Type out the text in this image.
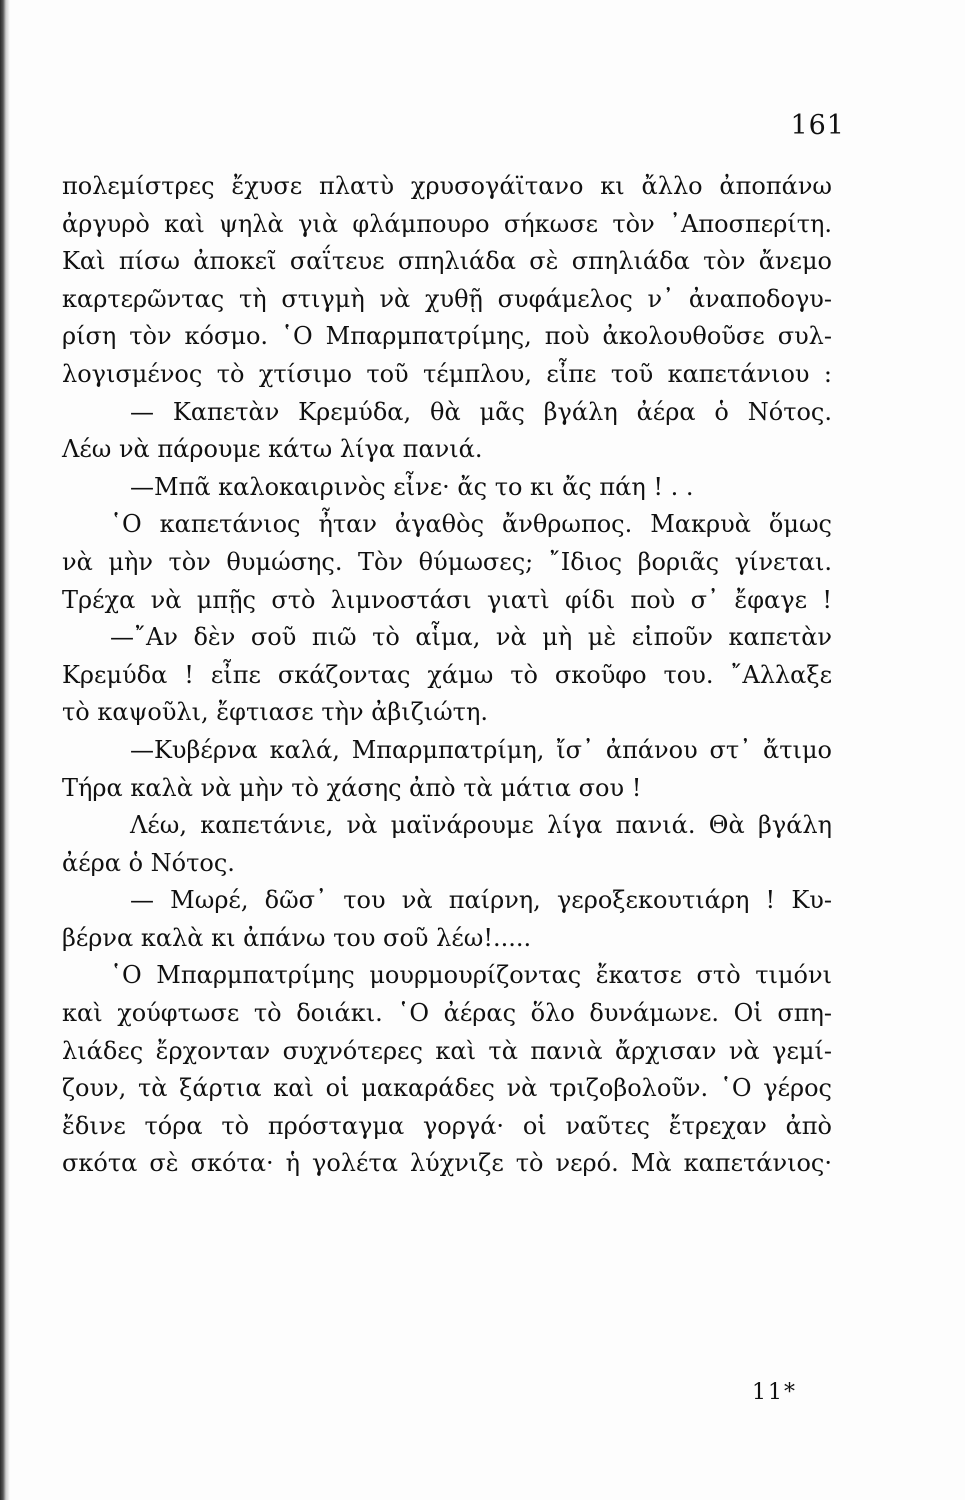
161
πολεμίστρες ἔχυσε πλατὺ χρυσογάϊτανο κι ἄλλο ἀποπάνω
ἀργυρὸ καὶ ψηλὰ γιὰ φλάμπουρο σήκωσε τὸν ᾿Αποσπερίτη.
Καὶ πίσω ἀποκεῖ σαΐτευε σπηλιάδα σὲ σπηλιάδα τὸν ἄνεμο
καρτερῶντας τὴ στιγμὴ νὰ χυθῇ συφάμελος ν᾿ ἀναποδογυ-
ρίση τὸν κόσμο. ῾Ο Μπαρμπατρίμης, ποὺ ἀκολουθοῦσε συλ-
λογισμένος τὸ χτίσιμο τοῦ τέμπλου, εἶπε τοῦ καπετάνιου :
— Καπετὰν Κρεμύδα, θὰ μᾶς βγάλη ἀέρα ὁ Νότος.
Λέω νὰ πάρουμε κάτω λίγα πανιά.
—Μπᾶ καλοκαιρινὸς εἶνε· ἄς το κι ἄς πάη ! . .
῾Ο καπετάνιος ἦταν ἀγαθὸς ἄνθρωπος. Μακρυὰ ὅμως
νὰ μὴν τὸν θυμώσης. Τὸν θύμωσες; ῎Ιδιος βοριᾶς γίνεται.
Τρέχα νὰ μπῇς στὸ λιμνοστάσι γιατὶ φίδι ποὺ σ᾿ ἔφαγε !
—῎Αν δὲν σοῦ πιῶ τὸ αἷμα, νὰ μὴ μὲ εἰποῦν καπετὰν
Κρεμύδα ! εἶπε σκάζοντας χάμω τὸ σκοῦφο του. ῎Αλλαξε
τὸ καψοῦλι, ἔφτιασε τὴν ἀβιζιώτη.
—Κυβέρνα καλά, Μπαρμπατρίμη, ἴσ᾿ ἀπάνου στ᾿ ἄτιμο
Τήρα καλὰ νὰ μὴν τὸ χάσης ἀπὸ τὰ μάτια σου !
Λέω, καπετάνιε, νὰ μαϊνάρουμε λίγα πανιά. Θὰ βγάλη
ἀέρα ὁ Νότος.
— Μωρέ, δῶσ᾿ του νὰ παίρνη, γεροξεκουτιάρη ! Κυ-
βέρνα καλὰ κι ἀπάνω του σοῦ λέω!.....
῾Ο Μπαρμπατρίμης μουρμουρίζοντας ἔκατσε στὸ τιμόνι
καὶ χούφτωσε τὸ δοιάκι. ῾Ο ἀέρας ὅλο δυνάμωνε. Οἱ σπη-
λιάδες ἔρχονταν συχνότερες καὶ τὰ πανιὰ ἄρχισαν νὰ γεμί-
ζουν, τὰ ξάρτια καὶ οἱ μακαράδες νὰ τριζοβολοῦν. ῾Ο γέρος
ἔδινε τόρα τὸ πρόσταγμα γοργά· οἱ ναῦτες ἔτρεχαν ἀπὸ
σκότα σὲ σκότα· ἡ γολέτα λύχνιζε τὸ νερό. Μὰ καπετάνιος·
11*
